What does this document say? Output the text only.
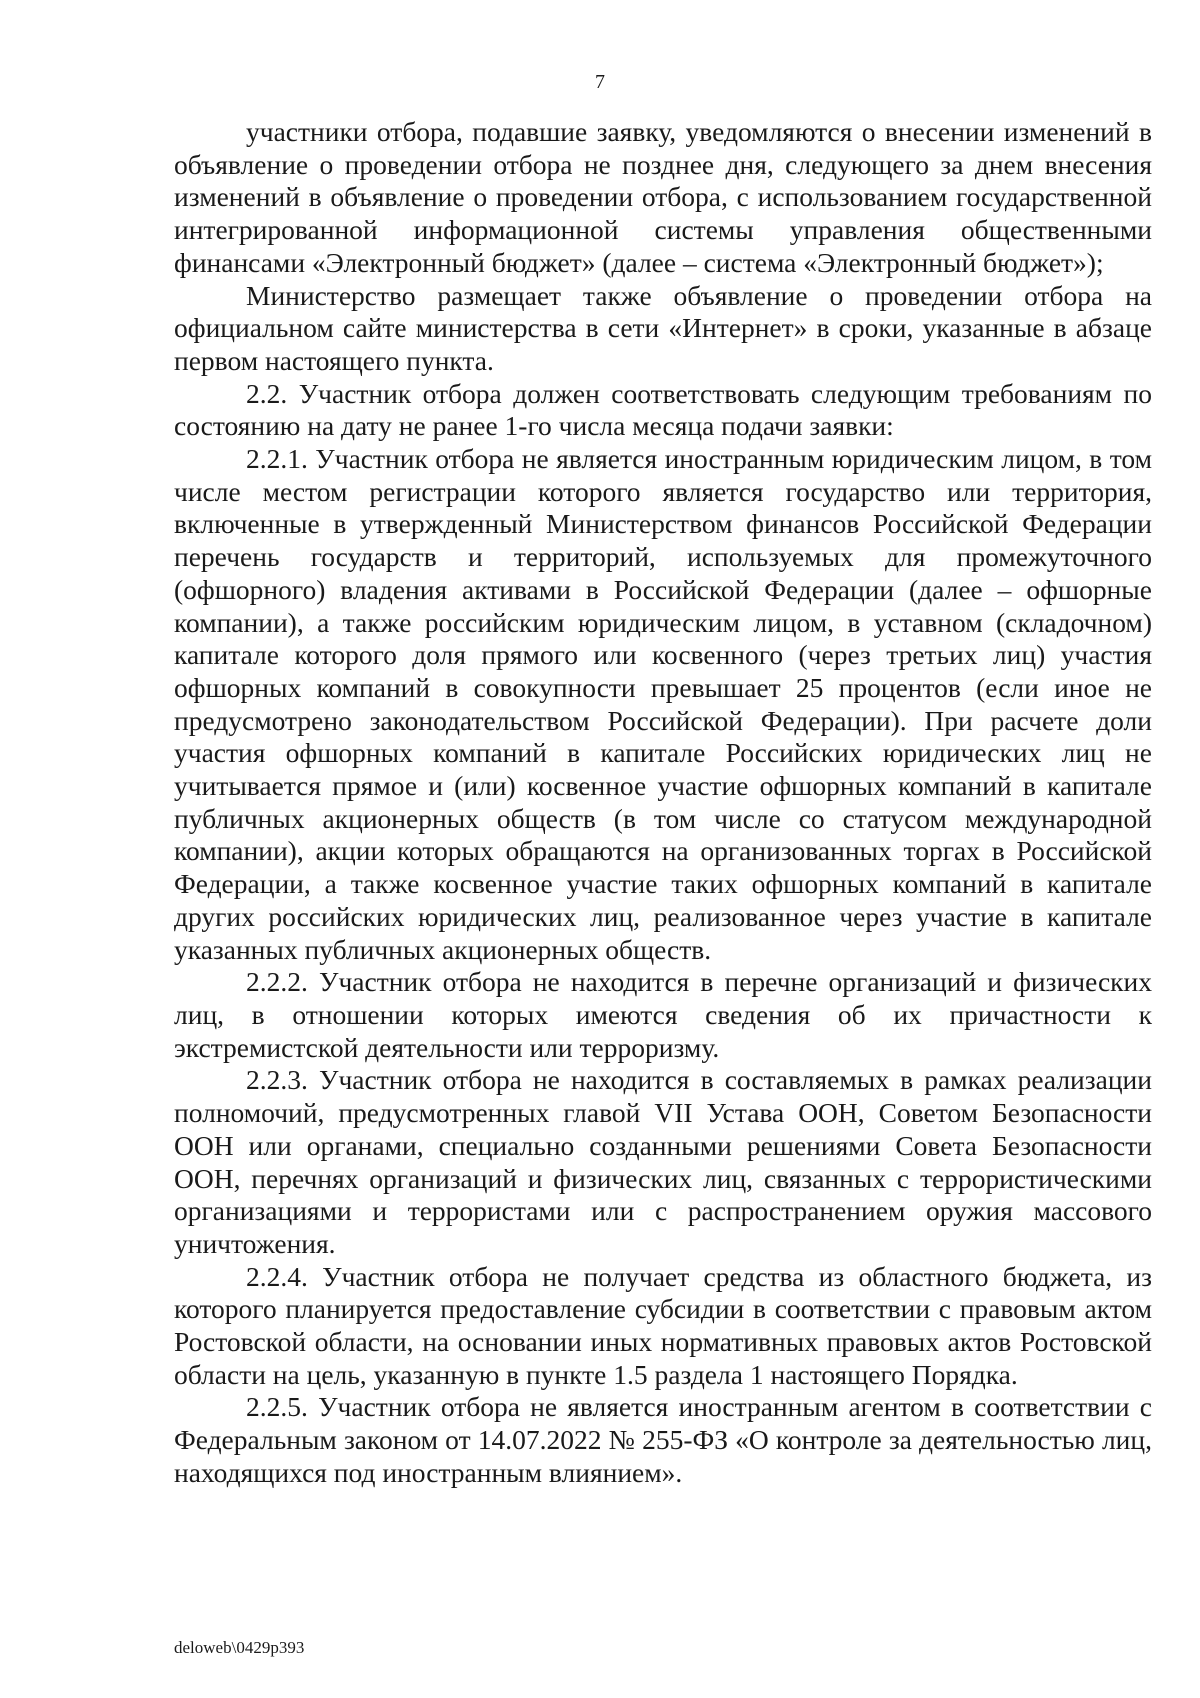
7

участники отбора, подавшие заявку, уведомляются о внесении изменений в объявление о проведении отбора не позднее дня, следующего за днем внесения изменений в объявление о проведении отбора, с использованием государственной интегрированной информационной системы управления общественными финансами «Электронный бюджет» (далее – система «Электронный бюджет»);

Министерство размещает также объявление о проведении отбора на официальном сайте министерства в сети «Интернет» в сроки, указанные в абзаце первом настоящего пункта.

2.2. Участник отбора должен соответствовать следующим требованиям по состоянию на дату не ранее 1-го числа месяца подачи заявки:

2.2.1. Участник отбора не является иностранным юридическим лицом, в том числе местом регистрации которого является государство или территория, включенные в утвержденный Министерством финансов Российской Федерации перечень государств и территорий, используемых для промежуточного (офшорного) владения активами в Российской Федерации (далее – офшорные компании), а также российским юридическим лицом, в уставном (складочном) капитале которого доля прямого или косвенного (через третьих лиц) участия офшорных компаний в совокупности превышает 25 процентов (если иное не предусмотрено законодательством Российской Федерации). При расчете доли участия офшорных компаний в капитале Российских юридических лиц не учитывается прямое и (или) косвенное участие офшорных компаний в капитале публичных акционерных обществ (в том числе со статусом международной компании), акции которых обращаются на организованных торгах в Российской Федерации, а также косвенное участие таких офшорных компаний в капитале других российских юридических лиц, реализованное через участие в капитале указанных публичных акционерных обществ.

2.2.2. Участник отбора не находится в перечне организаций и физических лиц, в отношении которых имеются сведения об их причастности к экстремистской деятельности или терроризму.

2.2.3. Участник отбора не находится в составляемых в рамках реализации полномочий, предусмотренных главой VII Устава ООН, Советом Безопасности ООН или органами, специально созданными решениями Совета Безопасности ООН, перечнях организаций и физических лиц, связанных с террористическими организациями и террористами или с распространением оружия массового уничтожения.

2.2.4. Участник отбора не получает средства из областного бюджета, из которого планируется предоставление субсидии в соответствии с правовым актом Ростовской области, на основании иных нормативных правовых актов Ростовской области на цель, указанную в пункте 1.5 раздела 1 настоящего Порядка.

2.2.5. Участник отбора не является иностранным агентом в соответствии с Федеральным законом от 14.07.2022 № 255-ФЗ «О контроле за деятельностью лиц, находящихся под иностранным влиянием».

deloweb\0429p393
